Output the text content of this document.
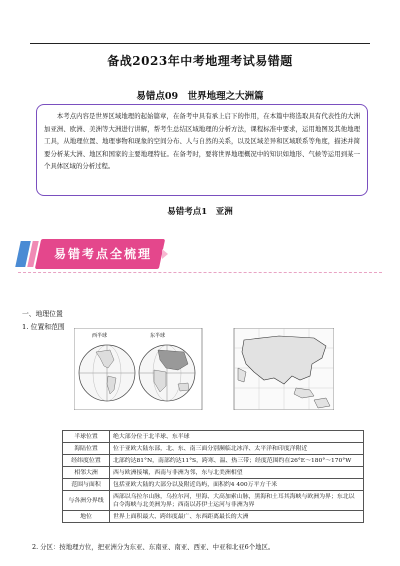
备战2023年中考地理考试易错题
易错点09　世界地理之大洲篇
本考点内容是世界区域地理的起始篇章，在备考中具有承上启下的作用，在本篇中将选取具有代表性的大洲加亚洲、欧洲、美洲等大洲进行讲解，帮考生总结区域地理的分析方法，课程标准中要求，运用地图及其他地理工具，从地理位置、地理事物和现象的空间分布、人与自然的关系，以及区域差异和区域联系等角度，描述并简要分析某大洲、地区和国家的主要地理特征。在备考时，要将世界地理概况中的知识如地形、气候等运用到某一个具体区域的分析过程。
易错考点1　亚洲
易错考点全梳理
一、地理位置
1. 位置和范围
西半球	东半球
半球位置	绝大部分位于北半球、东半球
海陆位置	位于亚欧大陆东部，北、东、南三面分别濒临北冰洋、太平洋和印度洋附近
经纬度位置	北部约达81°N，南部约达11°S，跨寒、温、热三带；经度范围约在26°E～180°～170°W
相邻大洲	西与欧洲接壤，西南与非洲为邻，东与北美洲相望
范围与面积	包括亚欧大陆的大部分以及附近岛屿，面积约4 400万平方千米
与各洲分界线	西部以乌拉尔山脉，乌拉尔河，里海、大高加索山脉，黑海和土耳其海峡与欧洲为界；东北以白令海峡与北美洲为界；西南以苏伊士运河与非洲为界
地位	世界上面积最大、跨纬度最广、东西距离最长的大洲
2. 分区：按地理方位，把亚洲分为东亚、东南亚、南亚、西亚、中亚和北亚6个地区。
